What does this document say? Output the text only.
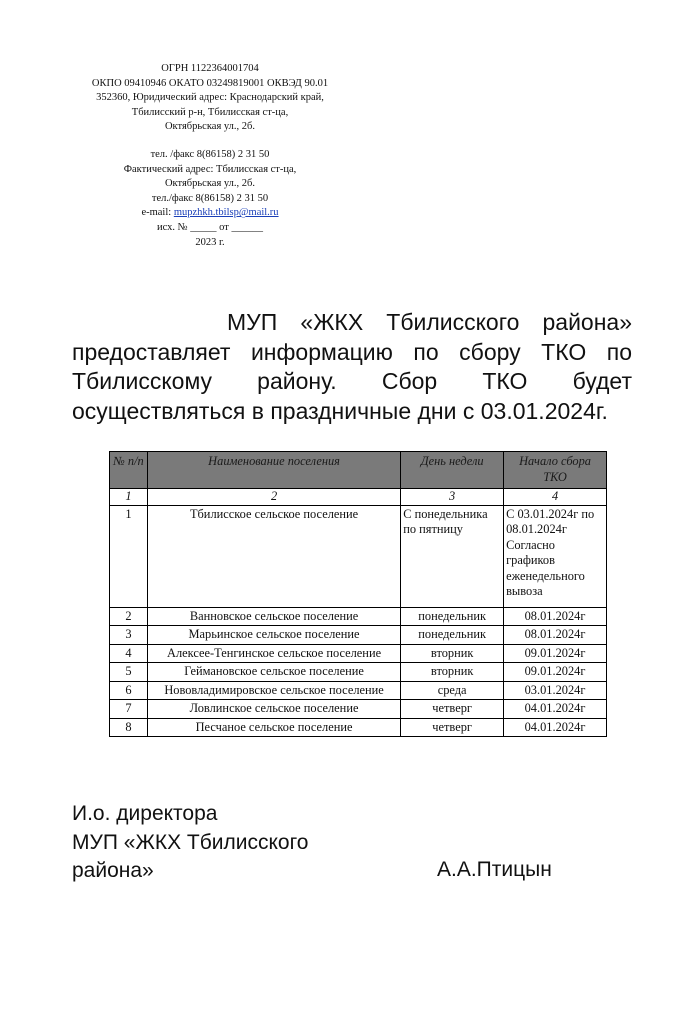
ОГРН 1122364001704
ОКПО 09410946 ОКАТО 03249819001 ОКВЭД 90.01
352360, Юридический адрес: Краснодарский край,
Тбилисский р-н, Тбилисская ст-ца,
Октябрьская ул., 2б.
тел. /факс 8(86158) 2 31 50
Фактический адрес: Тбилисская ст-ца,
Октябрьская ул., 2б.
тел./факс 8(86158) 2 31 50
e-mail: mupzhkh.tbilsp@mail.ru
исх. № _____ от ______
2023 г.

МУП «ЖКХ Тбилисского района» предоставляет информацию по сбору ТКО по Тбилисскому району. Сбор ТКО будет осуществляться в праздничные дни с 03.01.2024г.

№ п/п	Наименование поселения	День недели	Начало сбора ТКО
1	2	3	4
1	Тбилисское сельское поселение	С понедельника по пятницу	С 03.01.2024г по 08.01.2024г Согласно графиков еженедельного вывоза
2	Ванновское сельское поселение	понедельник	08.01.2024г
3	Марьинское сельское поселение	понедельник	08.01.2024г
4	Алексее-Тенгинское сельское поселение	вторник	09.01.2024г
5	Геймановское сельское поселение	вторник	09.01.2024г
6	Нововладимировское сельское поселение	среда	03.01.2024г
7	Ловлинское сельское поселение	четверг	04.01.2024г
8	Песчаное сельское поселение	четверг	04.01.2024г
И.о. директора
МУП «ЖКХ Тбилисского
района»	А.А.Птицын
